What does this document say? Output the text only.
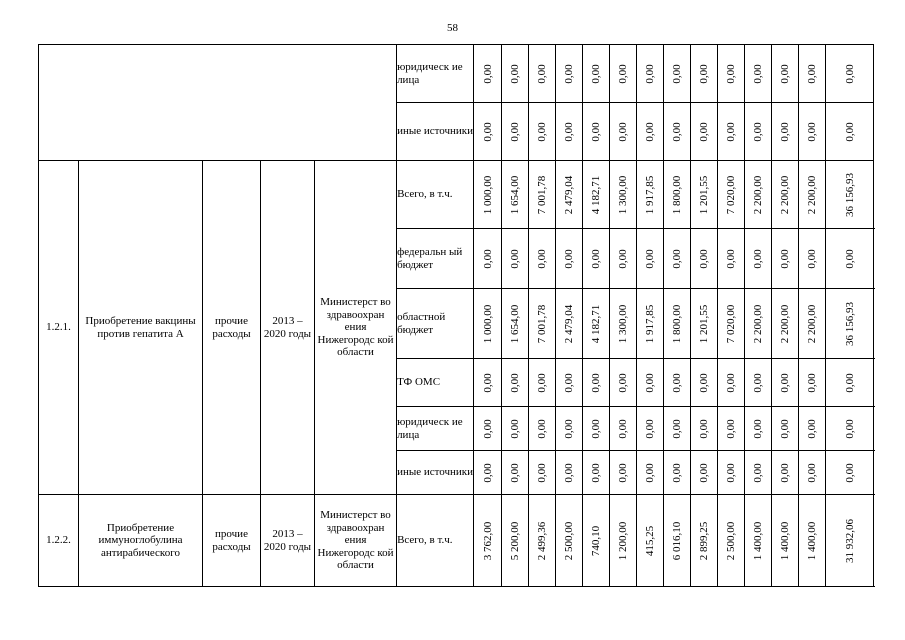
58
					юридическ ие лица	0,00	0,00	0,00	0,00	0,00	0,00	0,00	0,00	0,00	0,00	0,00	0,00	0,00	0,00

					иные источники	0,00	0,00	0,00	0,00	0,00	0,00	0,00	0,00	0,00	0,00	0,00	0,00	0,00	0,00

1.2.1.	Приобретение вакцины против гепатита А	прочие расходы	2013 – 2020 годы	Министерст во здравоохран ения Нижегородс кой области	Всего, в т.ч.	1 000,00	1 654,00	7 001,78	2 479,04	4 182,71	1 300,00	1 917,85	1 800,00	1 201,55	7 020,00	2 200,00	2 200,00	2 200,00	36 156,93	

					федеральн ый бюджет	0,00	0,00	0,00	0,00	0,00	0,00	0,00	0,00	0,00	0,00	0,00	0,00	0,00	0,00	

					областной бюджет	1 000,00	1 654,00	7 001,78	2 479,04	4 182,71	1 300,00	1 917,85	1 800,00	1 201,55	7 020,00	2 200,00	2 200,00	2 200,00	36 156,93	

					ТФ ОМС	0,00	0,00	0,00	0,00	0,00	0,00	0,00	0,00	0,00	0,00	0,00	0,00	0,00	0,00	

					юридическ ие лица	0,00	0,00	0,00	0,00	0,00	0,00	0,00	0,00	0,00	0,00	0,00	0,00	0,00	0,00	

					иные источники	0,00	0,00	0,00	0,00	0,00	0,00	0,00	0,00	0,00	0,00	0,00	0,00	0,00	0,00	

1.2.2.	Приобретение иммуноглобулина антирабического	прочие расходы	2013 – 2020 годы	Министерст во здравоохран ения Нижегородс кой области	Всего, в т.ч.	3 762,00	5 200,00	2 499,36	2 500,00	740,10	1 200,00	415,25	6 016,10	2 899,25	2 500,00	1 400,00	1 400,00	1 400,00	31 932,06	
